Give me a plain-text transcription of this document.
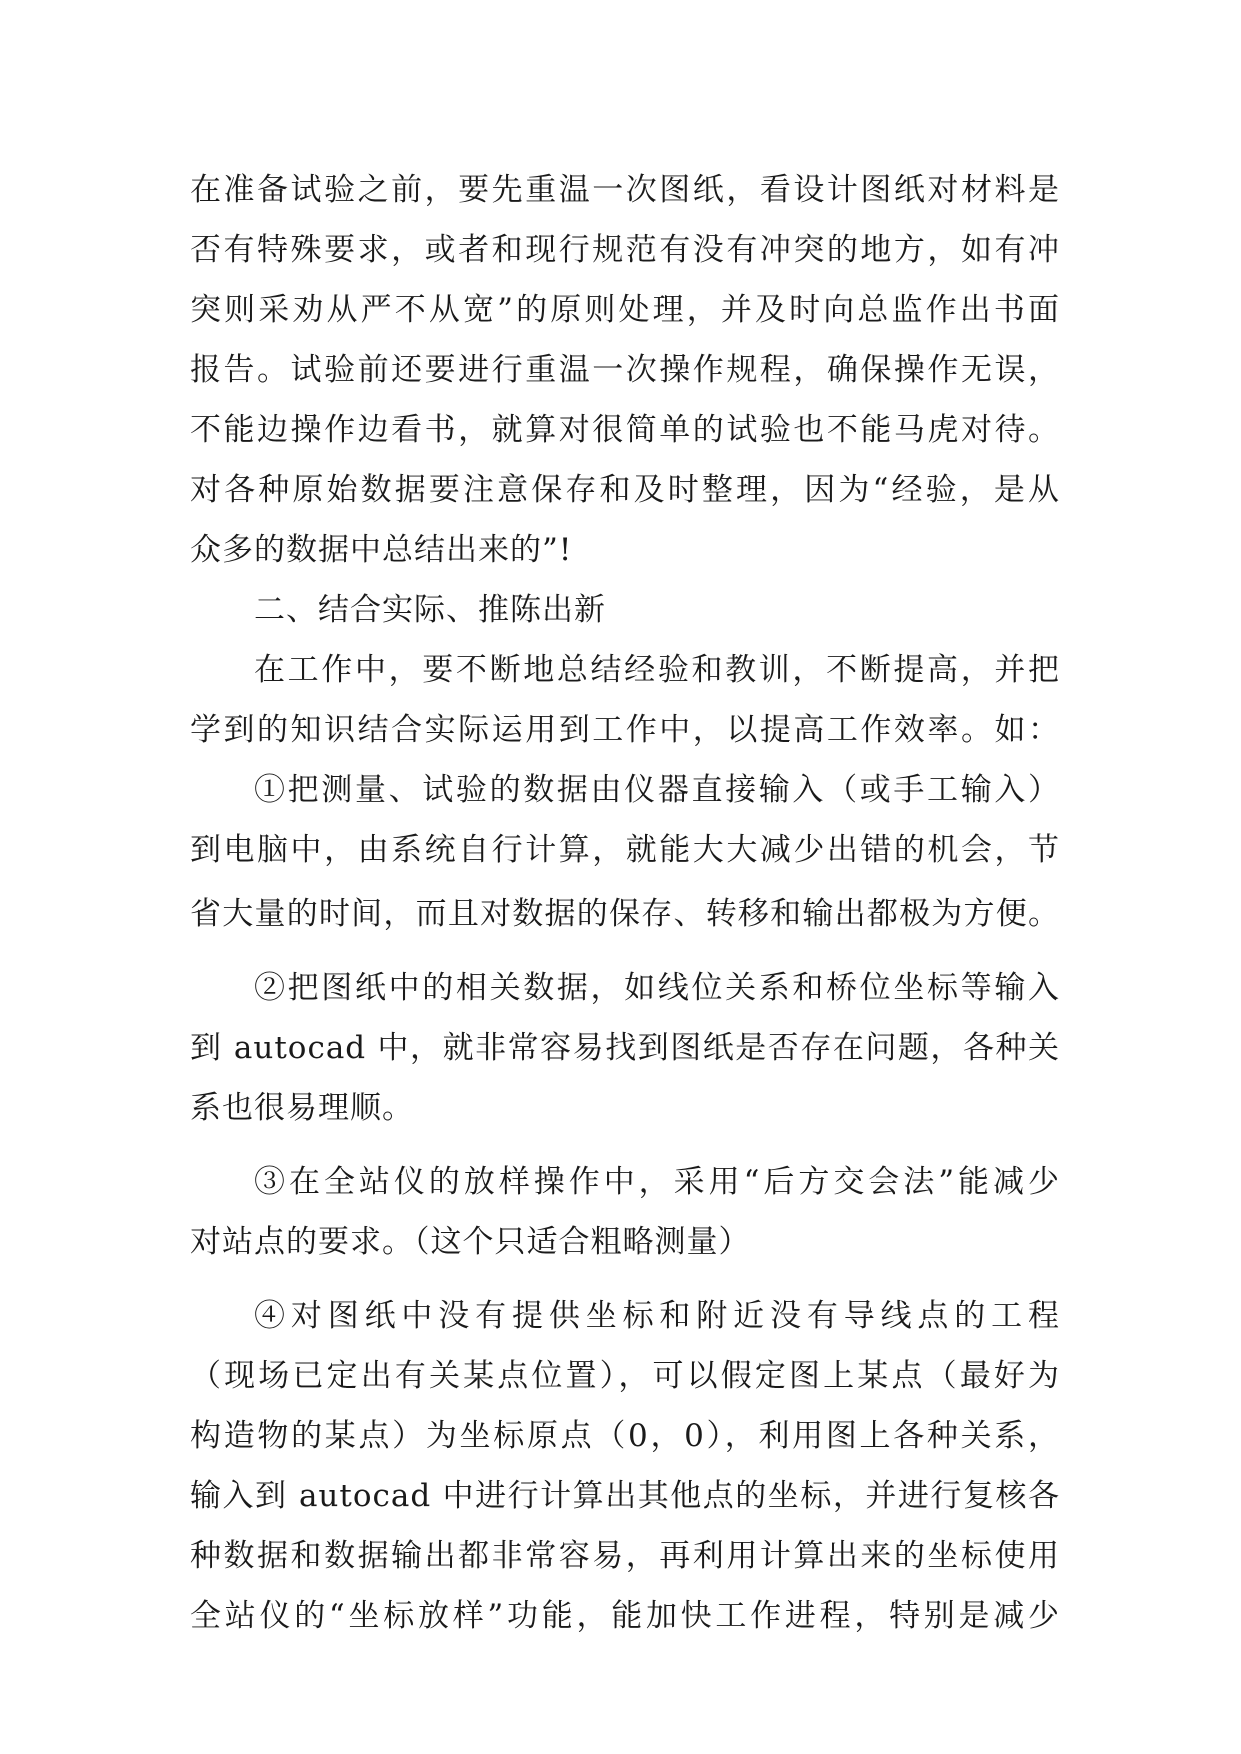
在准备试验之前，要先重温一次图纸，看设计图纸对材料是
否有特殊要求，或者和现行规范有没有冲突的地方，如有冲
突则采劝从严不从宽”的原则处理，并及时向总监作出书面
报告。试验前还要进行重温一次操作规程，确保操作无误，
不能边操作边看书，就算对很简单的试验也不能马虎对待。
对各种原始数据要注意保存和及时整理，因为“经验，是从
众多的数据中总结出来的”!
二、结合实际、推陈出新
在工作中，要不断地总结经验和教训，不断提高，并把
学到的知识结合实际运用到工作中，以提高工作效率。如：
①把测量、试验的数据由仪器直接输入（或手工输入）
到电脑中，由系统自行计算，就能大大减少出错的机会，节
省大量的时间，而且对数据的保存、转移和输出都极为方便。
②把图纸中的相关数据，如线位关系和桥位坐标等输入
到 autocad 中，就非常容易找到图纸是否存在问题，各种关
系也很易理顺。
③在全站仪的放样操作中，采用“后方交会法”能减少
对站点的要求。（这个只适合粗略测量）
④对图纸中没有提供坐标和附近没有导线点的工程
（现场已定出有关某点位置），可以假定图上某点（最好为
构造物的某点）为坐标原点（0，0），利用图上各种关系，
输入到 autocad 中进行计算出其他点的坐标，并进行复核各
种数据和数据输出都非常容易，再利用计算出来的坐标使用
全站仪的“坐标放样”功能，能加快工作进程，特别是减少
